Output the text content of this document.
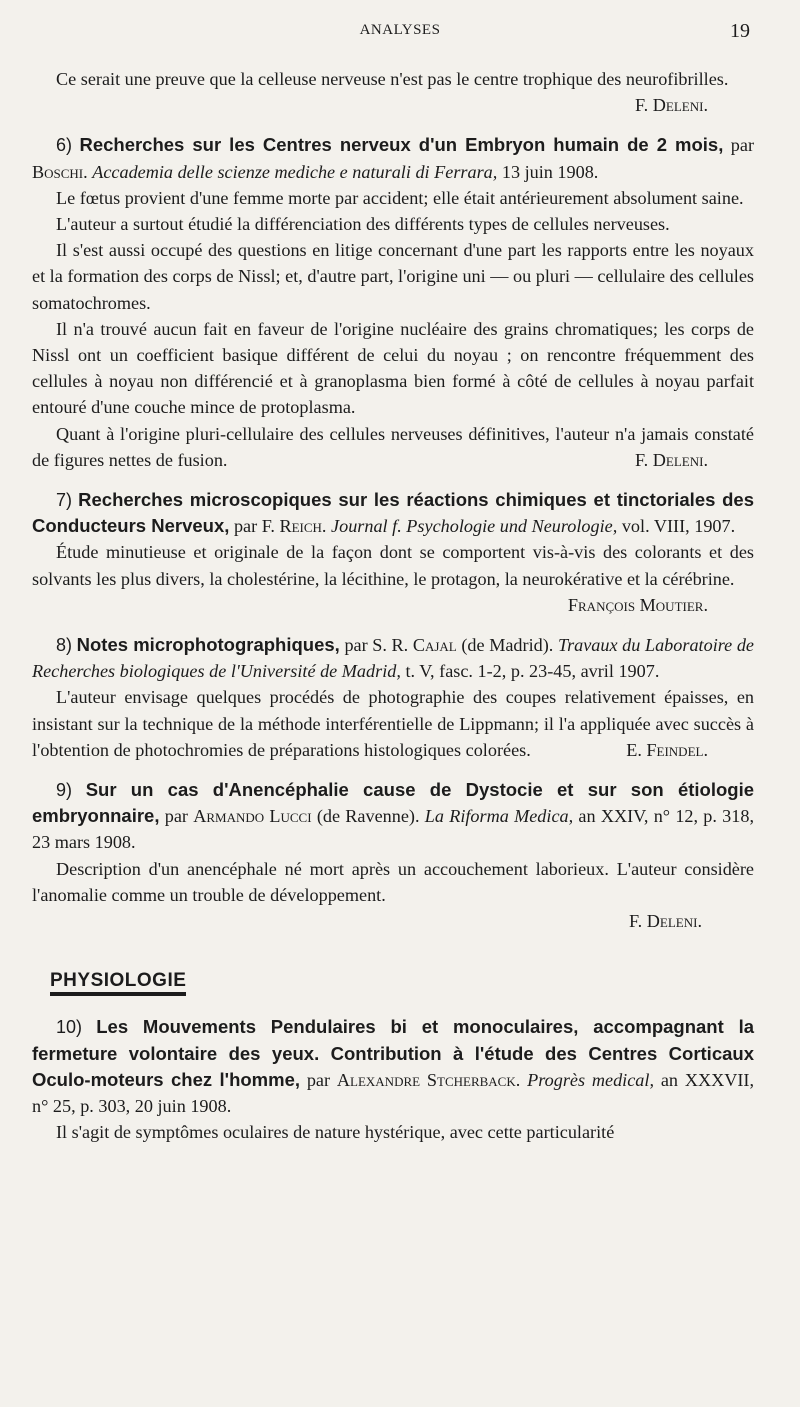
ANALYSES	19

Ce serait une preuve que la celleuse nerveuse n'est pas le centre trophique des neurofibrilles.
F. Deleni.

6) Recherches sur les Centres nerveux d'un Embryon humain de 2 mois, par Boschi. Accademia delle scienze mediche e naturali di Ferrara, 13 juin 1908.

Le fœtus provient d'une femme morte par accident; elle était antérieurement absolument saine.

L'auteur a surtout étudié la différenciation des différents types de cellules nerveuses.

Il s'est aussi occupé des questions en litige concernant d'une part les rapports entre les noyaux et la formation des corps de Nissl; et, d'autre part, l'origine uni — ou pluri — cellulaire des cellules somatochromes.

Il n'a trouvé aucun fait en faveur de l'origine nucléaire des grains chromatiques; les corps de Nissl ont un coefficient basique différent de celui du noyau ; on rencontre fréquemment des cellules à noyau non différencié et à granoplasma bien formé à côté de cellules à noyau parfait entouré d'une couche mince de protoplasma.

Quant à l'origine pluri-cellulaire des cellules nerveuses définitives, l'auteur n'a jamais constaté de figures nettes de fusion.	F. Deleni.

7) Recherches microscopiques sur les réactions chimiques et tinctoriales des Conducteurs Nerveux, par F. Reich. Journal f. Psychologie und Neurologie, vol. VIII, 1907.

Étude minutieuse et originale de la façon dont se comportent vis-à-vis des colorants et des solvants les plus divers, la cholestérine, la lécithine, le protagon, la neurokérative et la cérébrine.
François Moutier.

8) Notes microphotographiques, par S. R. Cajal (de Madrid). Travaux du Laboratoire de Recherches biologiques de l'Université de Madrid, t. V, fasc. 1-2, p. 23-45, avril 1907.

L'auteur envisage quelques procédés de photographie des coupes relativement épaisses, en insistant sur la technique de la méthode interférentielle de Lippmann; il l'a appliquée avec succès à l'obtention de photochromies de préparations histologiques colorées.	E. Feindel.

9) Sur un cas d'Anencéphalie cause de Dystocie et sur son étiologie embryonnaire, par Armando Lucci (de Ravenne). La Riforma Medica, an XXIV, n° 12, p. 318, 23 mars 1908.

Description d'un anencéphale né mort après un accouchement laborieux. L'auteur considère l'anomalie comme un trouble de développement.

F. Deleni.

PHYSIOLOGIE

10) Les Mouvements Pendulaires bi et monoculaires, accompagnant la fermeture volontaire des yeux. Contribution à l'étude des Centres Corticaux Oculo-moteurs chez l'homme, par Alexandre Stcherback. Progrès medical, an XXXVII, n° 25, p. 303, 20 juin 1908.

Il s'agit de symptômes oculaires de nature hystérique, avec cette particularité
